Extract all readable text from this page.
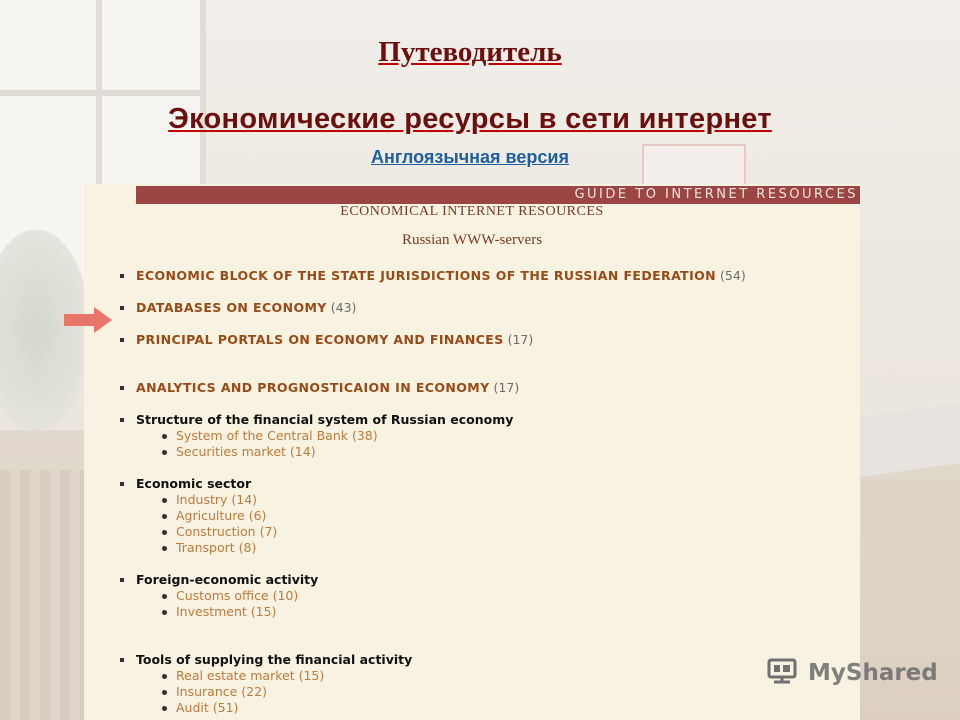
Путеводитель
Экономические ресурсы в сети интернет
Англоязычная версия
GUIDE TO INTERNET RESOURCES
ECONOMICAL INTERNET RESOURCES
Russian WWW-servers
ECONOMIC BLOCK OF THE STATE JURISDICTIONS OF THE RUSSIAN FEDERATION (54)
DATABASES ON ECONOMY (43)
PRINCIPAL PORTALS ON ECONOMY AND FINANCES (17)
ANALYTICS AND PROGNOSTICAION IN ECONOMY (17)
Structure of the financial system of Russian economy
System of the Central Bank (38)
Securities market (14)
Economic sector
Industry (14)
Agriculture (6)
Construction (7)
Transport (8)
Foreign-economic activity
Customs office (10)
Investment (15)
Tools of supplying the financial activity
Real estate market (15)
Insurance (22)
Audit (51)
MyShared
